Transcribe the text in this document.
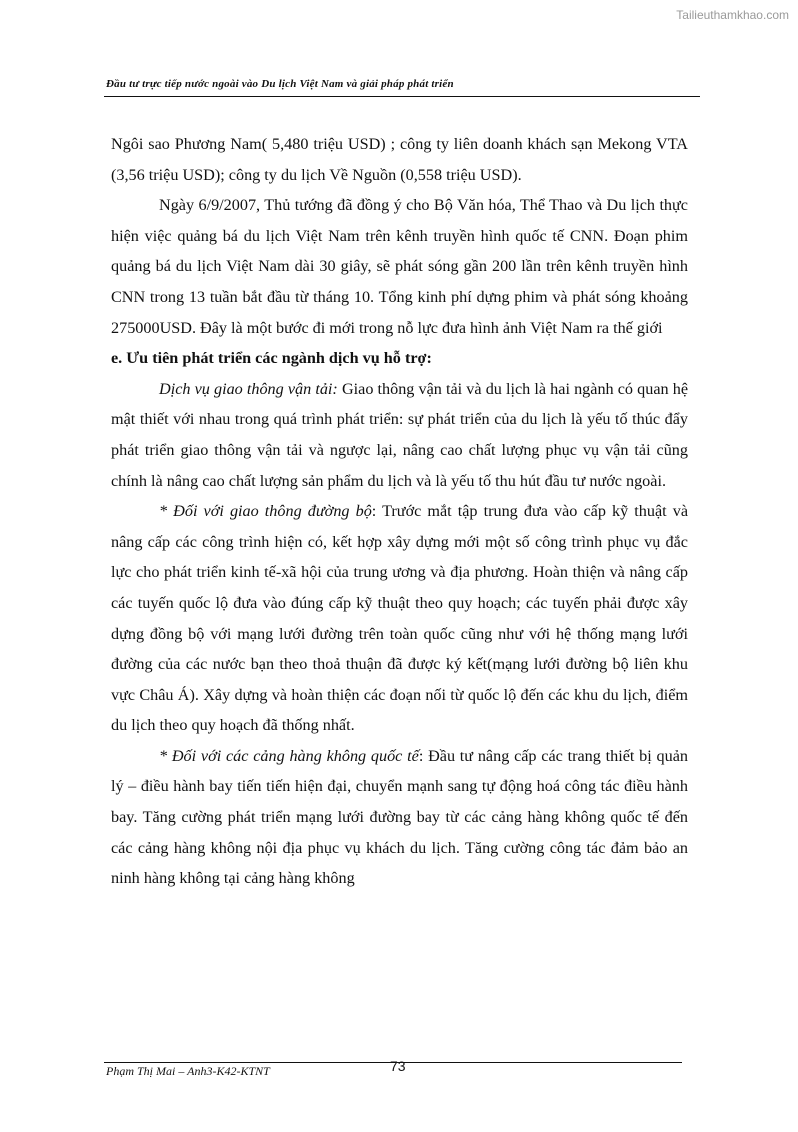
Tailieuthamkhao.com
Đầu tư trực tiếp nước ngoài vào Du lịch Việt Nam và giải pháp phát triển

Ngôi sao Phương Nam( 5,480 triệu USD) ; công ty liên doanh khách sạn Mekong VTA (3,56 triệu USD); công ty du lịch Về Nguồn (0,558 triệu USD).

Ngày 6/9/2007, Thủ tướng đã đồng ý cho Bộ Văn hóa, Thể Thao và Du lịch thực hiện việc quảng bá du lịch Việt Nam trên kênh truyền hình quốc tế CNN. Đoạn phim quảng bá du lịch Việt Nam dài 30 giây, sẽ phát sóng gần 200 lần trên kênh truyền hình CNN trong 13 tuần bắt đầu từ tháng 10. Tổng kinh phí dựng phim và phát sóng khoảng 275000USD. Đây là một bước đi mới trong nỗ lực đưa hình ảnh Việt Nam ra thế giới

e. Ưu tiên phát triển các ngành dịch vụ hỗ trợ:

Dịch vụ giao thông vận tải: Giao thông vận tải và du lịch là hai ngành có quan hệ mật thiết với nhau trong quá trình phát triển: sự phát triển của du lịch là yếu tố thúc đẩy phát triển giao thông vận tải và ngược lại, nâng cao chất lượng phục vụ vận tải cũng chính là nâng cao chất lượng sản phẩm du lịch và là yếu tố thu hút đầu tư nước ngoài.

* Đối với giao thông đường bộ: Trước mắt tập trung đưa vào cấp kỹ thuật và nâng cấp các công trình hiện có, kết hợp xây dựng mới một số công trình phục vụ đắc lực cho phát triển kinh tế-xã hội của trung ương và địa phương. Hoàn thiện và nâng cấp các tuyến quốc lộ đưa vào đúng cấp kỹ thuật theo quy hoạch; các tuyến phải được xây dựng đồng bộ với mạng lưới đường trên toàn quốc cũng như với hệ thống mạng lưới đường của các nước bạn theo thoả thuận đã được ký kết(mạng lưới đường bộ liên khu vực Châu Á). Xây dựng và hoàn thiện các đoạn nối từ quốc lộ đến các khu du lịch, điểm du lịch theo quy hoạch đã thống nhất.

* Đối với các cảng hàng không quốc tế: Đầu tư nâng cấp các trang thiết bị quản lý – điều hành bay tiến tiến hiện đại, chuyển mạnh sang tự động hoá công tác điều hành bay. Tăng cường phát triển mạng lưới đường bay từ các cảng hàng không quốc tế đến các cảng hàng không nội địa phục vụ khách du lịch. Tăng cường công tác đảm bảo an ninh hàng không tại cảng hàng không

Phạm Thị Mai – Anh3-K42-KTNT	73
